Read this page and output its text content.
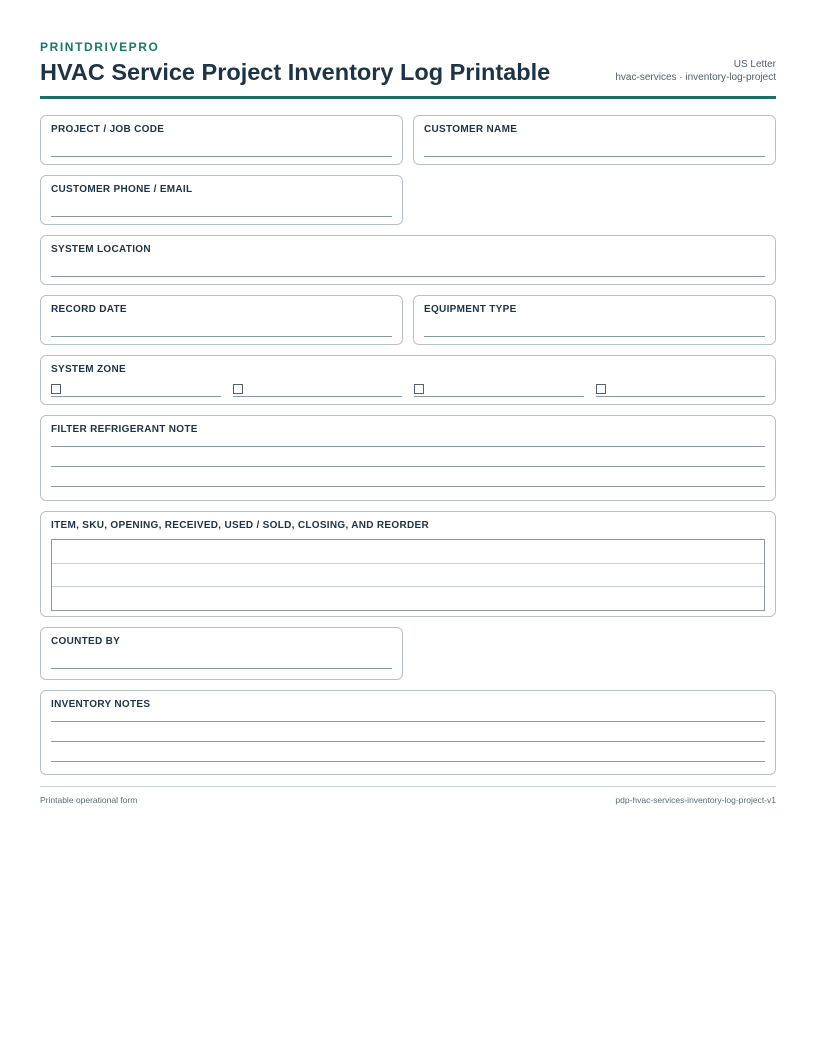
PRINTDRIVEPRO
HVAC Service Project Inventory Log Printable	US Letter
hvac-services · inventory-log-project
PROJECT / JOB CODE	CUSTOMER NAME
CUSTOMER PHONE / EMAIL
SYSTEM LOCATION
RECORD DATE	EQUIPMENT TYPE
SYSTEM ZONE
FILTER REFRIGERANT NOTE
ITEM, SKU, OPENING, RECEIVED, USED / SOLD, CLOSING, AND REORDER
COUNTED BY
INVENTORY NOTES
Printable operational form	pdp-hvac-services-inventory-log-project-v1
